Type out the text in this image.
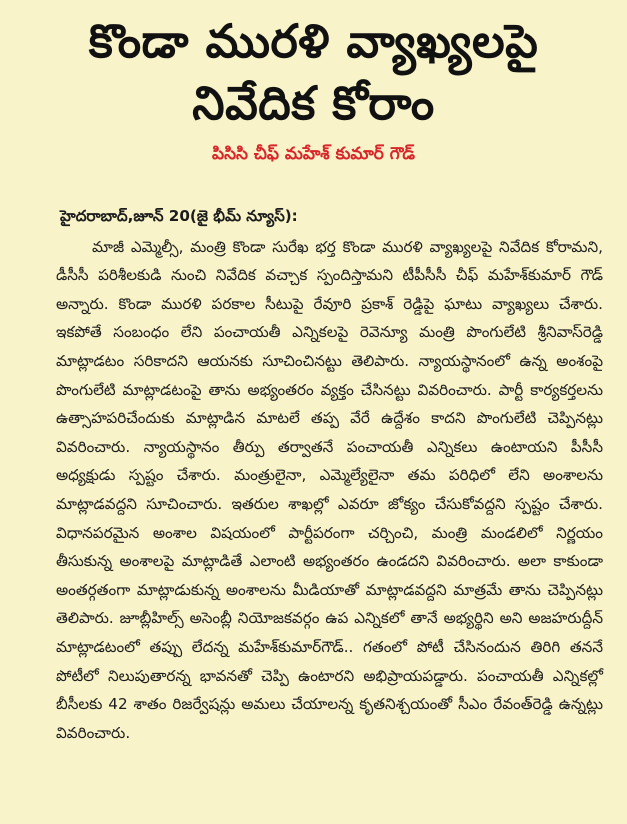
కొండా మురళి వ్యాఖ్యలపై
నివేదిక కోరాం
పిసిసి చీఫ్ మహేశ్ కుమార్ గౌడ్
హైదరాబాద్,జూన్ 20(జై భీమ్ న్యూస్):

మాజీ ఎమ్మెల్సీ, మంత్రి కొండా సురేఖ భర్త కొండా మురళి వ్యాఖ్యలపై నివేదిక కోరామని, డీసీసీ పరిశీలకుడి నుంచి నివేదిక వచ్చాక స్పందిస్తామని టీపీసీసీ చీఫ్ మహేశ్‌కుమార్ గౌడ్ అన్నారు. కొండా మురళి పరకాల సీటుపై రేవూరి ప్రకాశ్ రెడ్డిపై ఘాటు వ్యాఖ్యలు చేశారు. ఇకపోతే సంబంధం లేని పంచాయతీ ఎన్నికలపై రెవెన్యూ మంత్రి పొంగులేటి శ్రీనివాస్‌రెడ్డి మాట్లాడటం సరికాదని ఆయనకు సూచించినట్టు తెలిపారు. న్యాయస్థానంలో ఉన్న అంశంపై పొంగులేటి మాట్లాడటంపై తాను అభ్యంతరం వ్యక్తం చేసినట్టు వివరించారు. పార్టీ కార్యకర్తలను ఉత్సాహపరిచేందుకు మాట్లాడిన మాటలే తప్ప వేరే ఉద్దేశం కాదని పొంగులేటి చెప్పినట్లు వివరించారు. న్యాయస్థానం తీర్పు తర్వాతనే పంచాయతీ ఎన్నికలు ఉంటాయని పీసీసీ అధ్యక్షుడు స్పష్టం చేశారు. మంత్రులైనా, ఎమ్మెల్యేలైనా తమ పరిధిలో లేని అంశాలను మాట్లాడవద్దని సూచించారు. ఇతరుల శాఖల్లో ఎవరూ జోక్యం చేసుకోవద్దని స్పష్టం చేశారు. విధానపరమైన అంశాల విషయంలో పార్టీపరంగా చర్చించి, మంత్రి మండలిలో నిర్ణయం తీసుకున్న అంశాలపై మాట్లాడితే ఎలాంటి అభ్యంతరం ఉండదని వివరించారు. అలా కాకుండా అంతర్గతంగా మాట్లాడుకున్న అంశాలను మీడియాతో మాట్లాడవద్దని మాత్రమే తాను చెప్పినట్లు తెలిపారు. జూబ్లీహిల్స్ అసెంబ్లీ నియోజకవర్గం ఉప ఎన్నికలో తానే అభ్యర్థిని అని అజహరుద్దీన్ మాట్లాడటంలో తప్పు లేదన్న మహేశ్‌కుమార్‌గౌడ్.. గతంలో పోటీ చేసినందున తిరిగి తననే పోటీలో నిలుపుతారన్న భావనతో చెప్పి ఉంటారని అభిప్రాయపడ్డారు. పంచాయతీ ఎన్నికల్లో బీసీలకు 42 శాతం రిజర్వేషన్లు అమలు చేయాలన్న కృతనిశ్చయంతో సీఎం రేవంత్‌రెడ్డి ఉన్నట్లు వివరించారు.
